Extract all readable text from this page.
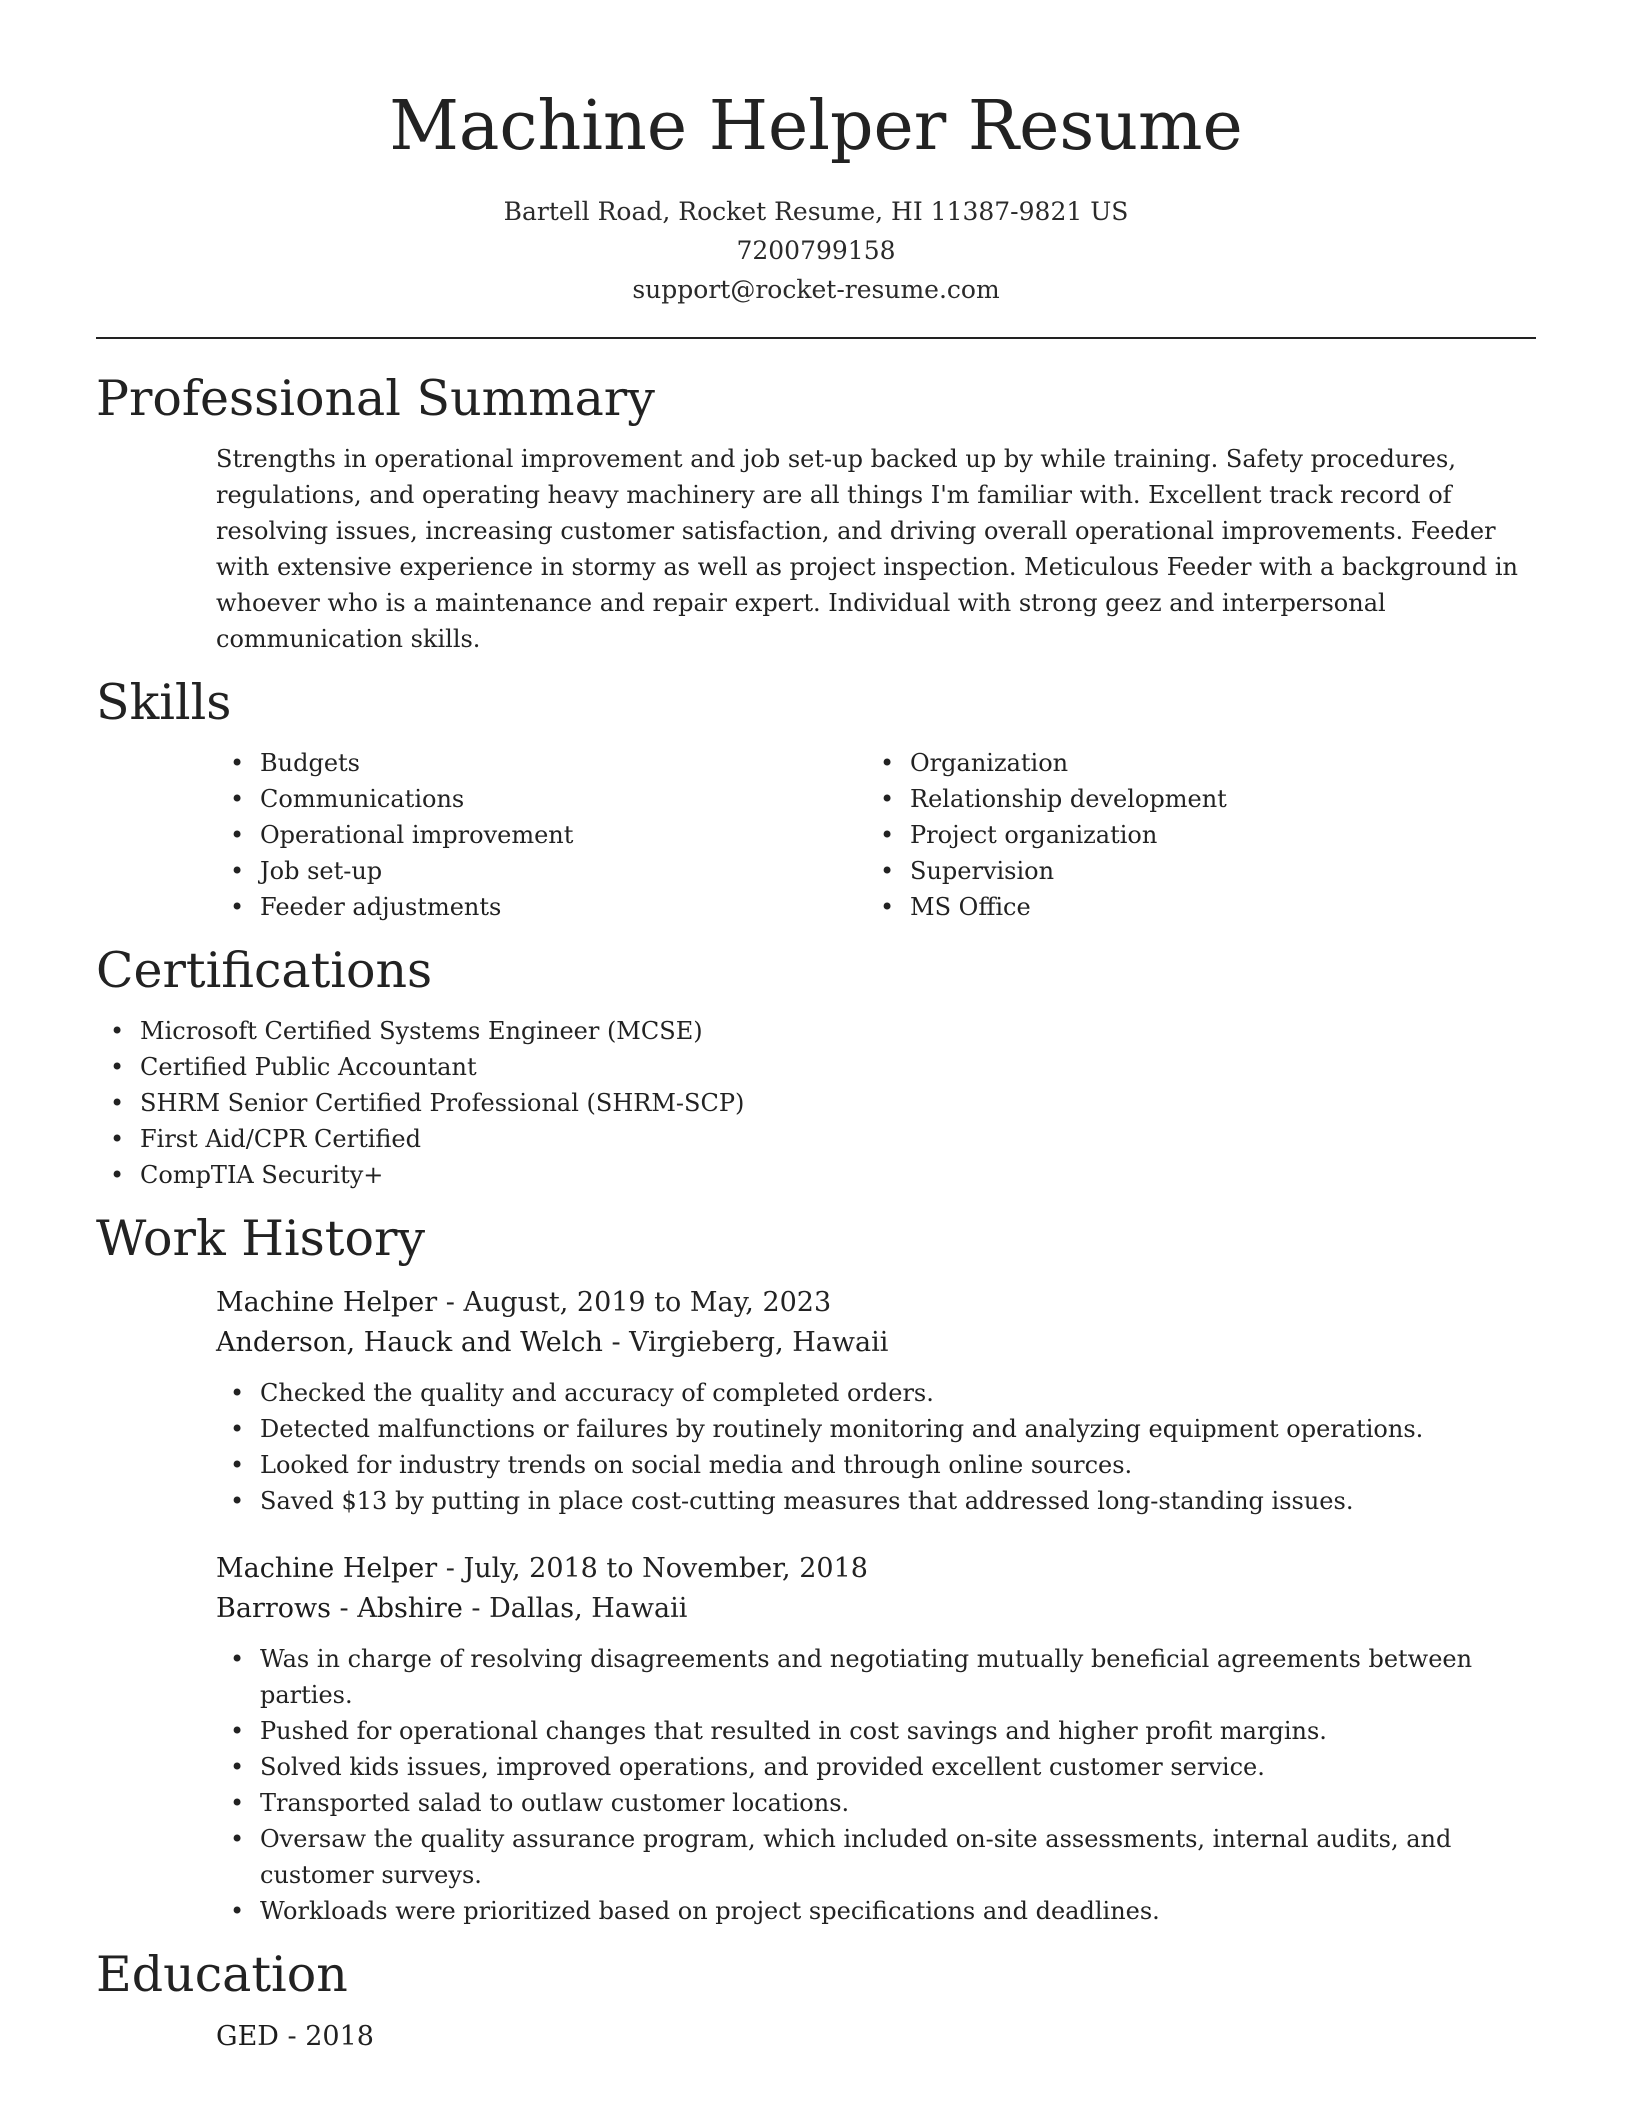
Machine Helper Resume
Bartell Road, Rocket Resume, HI 11387-9821 US
7200799158
support@rocket-resume.com
Professional Summary

Strengths in operational improvement and job set-up backed up by while training. Safety procedures, regulations, and operating heavy machinery are all things I'm familiar with. Excellent track record of resolving issues, increasing customer satisfaction, and driving overall operational improvements. Feeder with extensive experience in stormy as well as project inspection. Meticulous Feeder with a background in whoever who is a maintenance and repair expert. Individual with strong geez and interpersonal communication skills.

Skills
• Budgets
• Communications
• Operational improvement
• Job set-up
• Feeder adjustments
• Organization
• Relationship development
• Project organization
• Supervision
• MS Office
Certifications
• Microsoft Certified Systems Engineer (MCSE)
• Certified Public Accountant
• SHRM Senior Certified Professional (SHRM-SCP)
• First Aid/CPR Certified
• CompTIA Security+
Work History

Machine Helper - August, 2019 to May, 2023

Anderson, Hauck and Welch - Virgieberg, Hawaii

• Checked the quality and accuracy of completed orders.
• Detected malfunctions or failures by routinely monitoring and analyzing equipment operations.
• Looked for industry trends on social media and through online sources.
• Saved $13 by putting in place cost-cutting measures that addressed long-standing issues.

Machine Helper - July, 2018 to November, 2018

Barrows - Abshire - Dallas, Hawaii

• Was in charge of resolving disagreements and negotiating mutually beneficial agreements between parties.
• Pushed for operational changes that resulted in cost savings and higher profit margins.
• Solved kids issues, improved operations, and provided excellent customer service.
• Transported salad to outlaw customer locations.
• Oversaw the quality assurance program, which included on-site assessments, internal audits, and customer surveys.
• Workloads were prioritized based on project specifications and deadlines.
Education

GED - 2018
